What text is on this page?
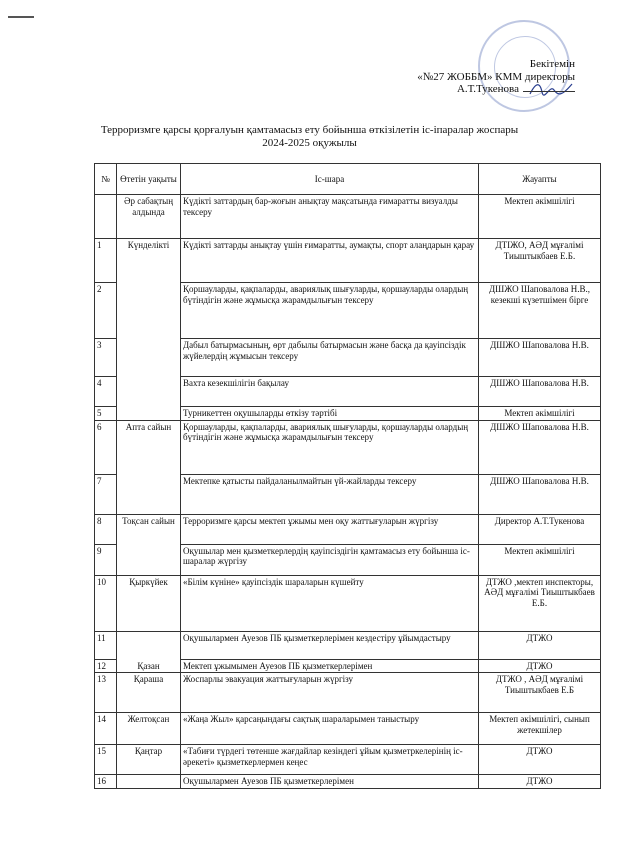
Бекітемін
«№27 ЖОББМ» КММ директоры
А.Т.Тукенова
Терроризмге қарсы қорғалуын қамтамасыз ету бойынша өткізілетін іс-іпаралар жоспары
2024-2025 оқужылы
№	Өтетін уақыты	Іс-шара	Жауапты
	Әр сабақтың алдында	Күдікті заттардың бар-жоғын анықтау мақсатында ғимаратты визуалды тексеру	Мектеп әкімшілігі
1	Күнделікті	Күдікті заттарды анықтау үшін ғимаратты, аумақты, спорт алаңдарын қарау	ДТІЖО, АӘД мұғалімі Тиыштыкбаев Е.Б.
2		Қоршауларды, қақпаларды, авариялық шығуларды, қоршауларды олардың бүтіндігін және жұмысқа жарамдылығын тексеру	ДШЖО Шаповалова Н.В., кезекші күзетшімен бірге
3		Дабыл батырмасының, өрт дабылы батырмасын және басқа да қауіпсіздік жүйелердің жұмысын тексеру	ДШЖО Шаповалова Н.В.
4		Вахта кезекшілігін бақылау	ДШЖО Шаповалова Н.В.
5		Турникеттен оқушыларды өткізу тәртібі	Мектеп әкімшілігі
6	Апта сайын	Қоршауларды, қақпаларды, авариялық шығуларды, қоршауларды олардың бүтіндігін және жұмысқа жарамдылығын тексеру	ДШЖО Шаповалова Н.В.
7		Мектепке қатысты пайдаланылмайтын үй-жайларды тексеру	ДШЖО Шаповалова Н.В.
8	Тоқсан сайын	Терроризмге қарсы мектеп ұжымы мен оқу жаттығуларын жүргізу	Директор А.Т.Тукенова
9		Оқушылар мен қызметкерлердің қауіпсіздігін қамтамасыз ету бойынша іс-шаралар жүргізу	Мектеп әкімшілігі
10	Қыркүйек	«Білім күніне» қауіпсіздік шараларын күшейту	ДТЖО ,мектеп инспекторы, АӘД мұғалімі Тиыштыкбаев Е.Б.
11	Қазан	Оқушылармен Ауезов ПБ қызметкерлерімен кездестіру ұйымдастыру	ДТЖО
12		Мектеп ұжымымен Ауезов ПБ қызметкерлерімен	ДТЖО
13	Қараша	Жоспарлы эвакуация жаттығуларын жүргізу	ДТЖО , АӘД мұғалімі Тиыштыкбаев Е.Б
14	Желтоқсан	«Жаңа Жыл» қарсаңындағы сақтық шараларымен таныстыру	Мектеп әкімшілігі, сынып жетекшілер
15	Қаңтар	«Табиғи түрдегі төтенше жағдайлар кезіндегі ұйым қызметркелерінің іс-әрекеті» қызметкерлермен кеңес	ДТЖО
16		Оқушылармен Ауезов ПБ қызметкерлерімен	ДТЖО
